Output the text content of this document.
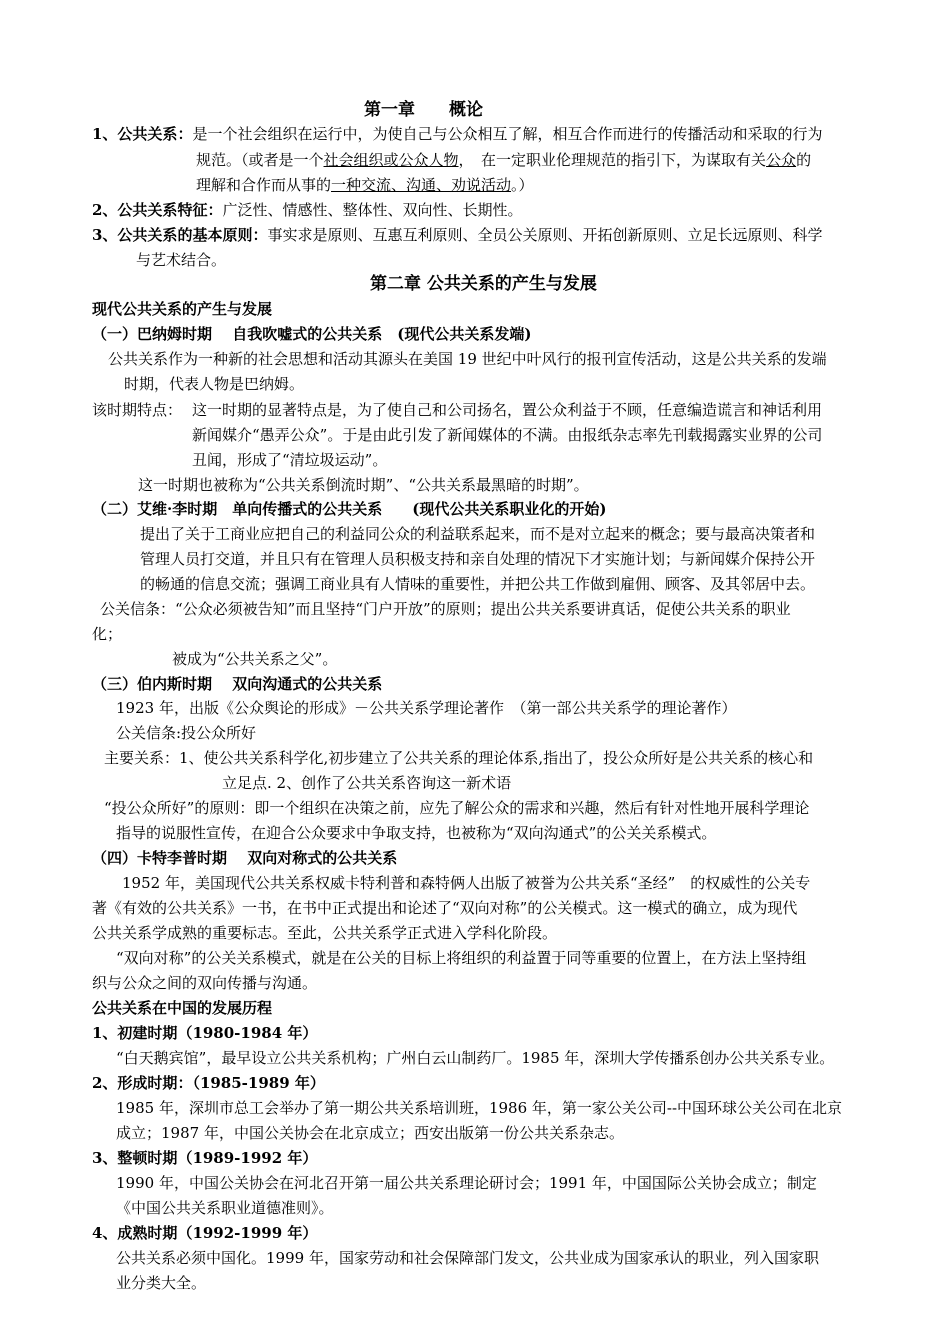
第一章　　概论
1、公共关系：是一个社会组织在运行中，为使自己与公众相互了解，相互合作而进行的传播活动和采取的行为
规范。（或者是一个社会组织或公众人物，　在一定职业伦理规范的指引下，为谋取有关公众的
理解和合作而从事的一种交流、沟通、劝说活动。）
2、公共关系特征：广泛性、情感性、整体性、双向性、长期性。
3、公共关系的基本原则：事实求是原则、互惠互利原则、全员公关原则、开拓创新原则、立足长远原则、科学
与艺术结合。
第二章 公共关系的产生与发展
现代公共关系的产生与发展
（一）巴纳姆时期　 自我吹嘘式的公共关系　(现代公共关系发端)
公共关系作为一种新的社会思想和活动其源头在美国 19 世纪中叶风行的报刊宣传活动，这是公共关系的发端
时期，代表人物是巴纳姆。
该时期特点： 这一时期的显著特点是，为了使自己和公司扬名，置公众利益于不顾，任意编造谎言和神话利用
新闻媒介“愚弄公众”。于是由此引发了新闻媒体的不满。由报纸杂志率先刊载揭露实业界的公司
丑闻，形成了“清垃圾运动”。
这一时期也被称为“公共关系倒流时期”、“公共关系最黑暗的时期”。
（二）艾维·李时期　单向传播式的公共关系　　(现代公共关系职业化的开始)
提出了关于工商业应把自己的利益同公众的利益联系起来，而不是对立起来的概念；要与最高决策者和
管理人员打交道，并且只有在管理人员积极支持和亲自处理的情况下才实施计划；与新闻媒介保持公开
的畅通的信息交流；强调工商业具有人情味的重要性，并把公共工作做到雇佣、顾客、及其邻居中去。
公关信条：“公众必须被告知”而且坚持“门户开放”的原则；提出公共关系要讲真话，促使公共关系的职业
化；
被成为“公共关系之父”。
（三）伯内斯时期　 双向沟通式的公共关系
1923 年，出版《公众舆论的形成》－公共关系学理论著作　（第一部公共关系学的理论著作）
公关信条:投公众所好
主要关系：1、使公共关系科学化,初步建立了公共关系的理论体系,指出了，投公众所好是公共关系的核心和
立足点. 2、创作了公共关系咨询这一新术语
“投公众所好”的原则：即一个组织在决策之前，应先了解公众的需求和兴趣，然后有针对性地开展科学理论
指导的说服性宣传，在迎合公众要求中争取支持，也被称为“双向沟通式”的公关关系模式。
（四）卡特李普时期　 双向对称式的公共关系
1952 年，美国现代公共关系权威卡特利普和森特俩人出版了被誉为公共关系“圣经”　的权威性的公关专
著《有效的公共关系》一书，在书中正式提出和论述了“双向对称”的公关模式。这一模式的确立，成为现代
公共关系学成熟的重要标志。至此，公共关系学正式进入学科化阶段。
“双向对称”的公关关系模式，就是在公关的目标上将组织的利益置于同等重要的位置上，在方法上坚持组
织与公众之间的双向传播与沟通。
公共关系在中国的发展历程
1、初建时期（1980-1984 年）
“白天鹅宾馆”，最早设立公共关系机构；广州白云山制药厂。1985 年，深圳大学传播系创办公共关系专业。
2、形成时期：（1985-1989 年）
1985 年，深圳市总工会举办了第一期公共关系培训班，1986 年，第一家公关公司--中国环球公关公司在北京
成立；1987 年，中国公关协会在北京成立；西安出版第一份公共关系杂志。
3、整顿时期（1989-1992 年）
1990 年，中国公关协会在河北召开第一届公共关系理论研讨会；1991 年，中国国际公关协会成立；制定
《中国公共关系职业道德准则》。
4、成熟时期（1992-1999 年）
公共关系必须中国化。1999 年，国家劳动和社会保障部门发文，公共业成为国家承认的职业，列入国家职
业分类大全。
